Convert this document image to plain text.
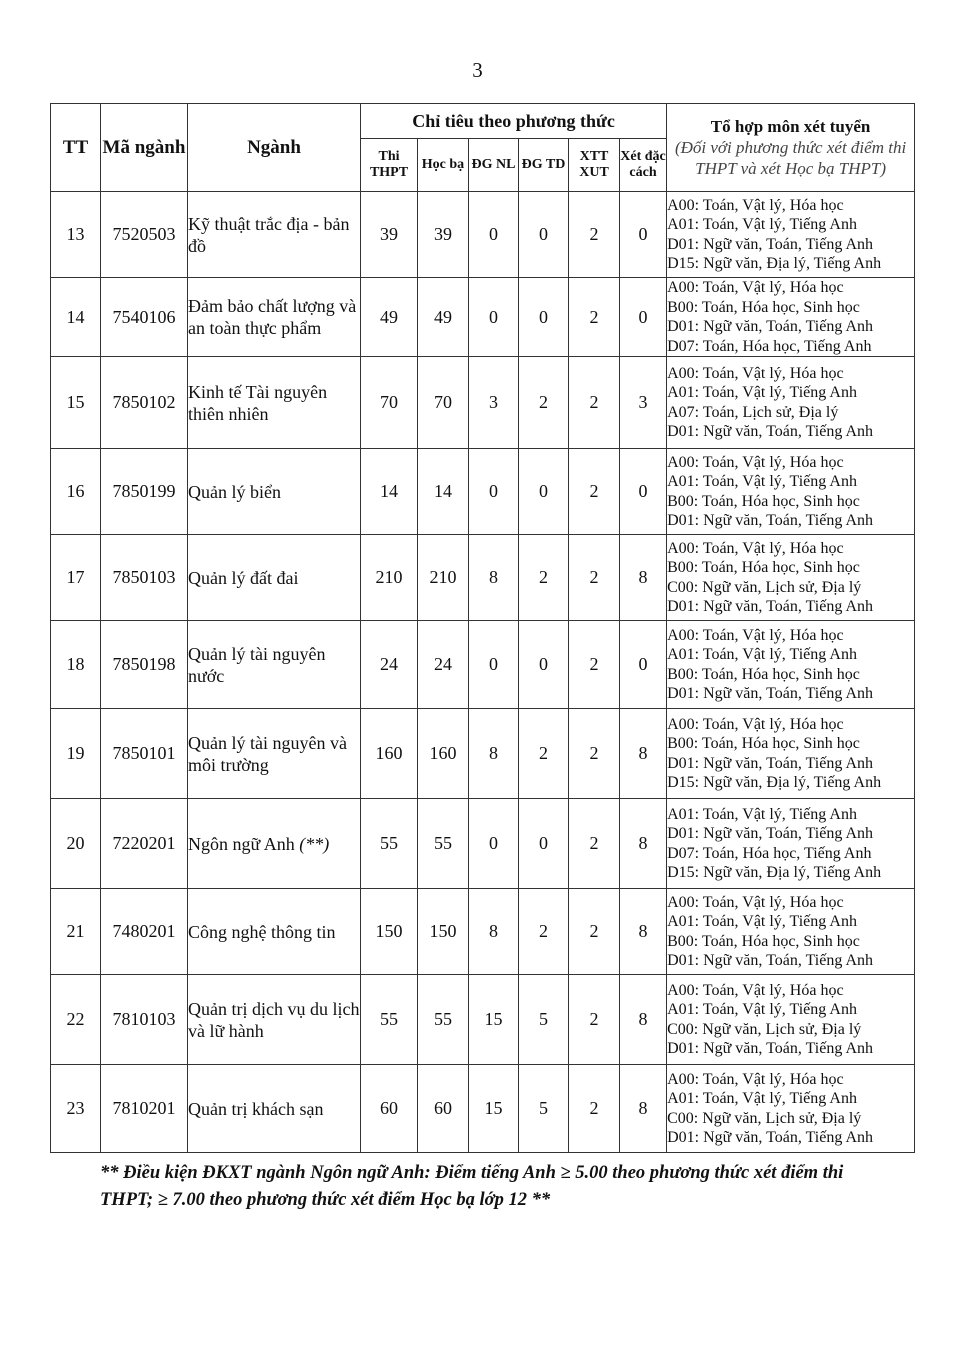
3
TT	Mã ngành	Ngành	Chỉ tiêu theo phương thức						Tổ hợp môn xét tuyển
(Đối với phương thức xét điểm thi THPT và xét Học bạ THPT)

			Thi THPT	Học bạ	ĐG NL	ĐG TD	XTT XUT	Xét đặc cách	
13	7520503	Kỹ thuật trắc địa - bản đồ	39	39	0	0	2	0	A00: Toán, Vật lý, Hóa học
A01: Toán, Vật lý, Tiếng Anh
D01: Ngữ văn, Toán, Tiếng Anh
D15: Ngữ văn, Địa lý, Tiếng Anh

14	7540106	Đảm bảo chất lượng và an toàn thực phẩm	49	49	0	0	2	0	A00: Toán, Vật lý, Hóa học
B00: Toán, Hóa học, Sinh học
D01: Ngữ văn, Toán, Tiếng Anh
D07: Toán, Hóa học, Tiếng Anh

15	7850102	Kinh tế Tài nguyên thiên nhiên	70	70	3	2	2	3	A00: Toán, Vật lý, Hóa học
A01: Toán, Vật lý, Tiếng Anh
A07: Toán, Lịch sử, Địa lý
D01: Ngữ văn, Toán, Tiếng Anh

16	7850199	Quản lý biển	14	14	0	0	2	0	A00: Toán, Vật lý, Hóa học
A01: Toán, Vật lý, Tiếng Anh
B00: Toán, Hóa học, Sinh học
D01: Ngữ văn, Toán, Tiếng Anh

17	7850103	Quản lý đất đai	210	210	8	2	2	8	A00: Toán, Vật lý, Hóa học
B00: Toán, Hóa học, Sinh học
C00: Ngữ văn, Lịch sử, Địa lý
D01: Ngữ văn, Toán, Tiếng Anh

18	7850198	Quản lý tài nguyên nước	24	24	0	0	2	0	A00: Toán, Vật lý, Hóa học
A01: Toán, Vật lý, Tiếng Anh
B00: Toán, Hóa học, Sinh học
D01: Ngữ văn, Toán, Tiếng Anh

19	7850101	Quản lý tài nguyên và môi trường	160	160	8	2	2	8	A00: Toán, Vật lý, Hóa học
B00: Toán, Hóa học, Sinh học
D01: Ngữ văn, Toán, Tiếng Anh
D15: Ngữ văn, Địa lý, Tiếng Anh

20	7220201	Ngôn ngữ Anh (**)	55	55	0	0	2	8	A01: Toán, Vật lý, Tiếng Anh
D01: Ngữ văn, Toán, Tiếng Anh
D07: Toán, Hóa học, Tiếng Anh
D15: Ngữ văn, Địa lý, Tiếng Anh

21	7480201	Công nghệ thông tin	150	150	8	2	2	8	A00: Toán, Vật lý, Hóa học
A01: Toán, Vật lý, Tiếng Anh
B00: Toán, Hóa học, Sinh học
D01: Ngữ văn, Toán, Tiếng Anh

22	7810103	Quản trị dịch vụ du lịch và lữ hành	55	55	15	5	2	8	A00: Toán, Vật lý, Hóa học
A01: Toán, Vật lý, Tiếng Anh
C00: Ngữ văn, Lịch sử, Địa lý
D01: Ngữ văn, Toán, Tiếng Anh

23	7810201	Quản trị khách sạn	60	60	15	5	2	8	A00: Toán, Vật lý, Hóa học
A01: Toán, Vật lý, Tiếng Anh
C00: Ngữ văn, Lịch sử, Địa lý
D01: Ngữ văn, Toán, Tiếng Anh
** Điều kiện ĐKXT ngành Ngôn ngữ Anh: Điểm tiếng Anh ≥ 5.00 theo phương thức xét điểm thi THPT; ≥ 7.00 theo phương thức xét điểm Học bạ lớp 12 **
